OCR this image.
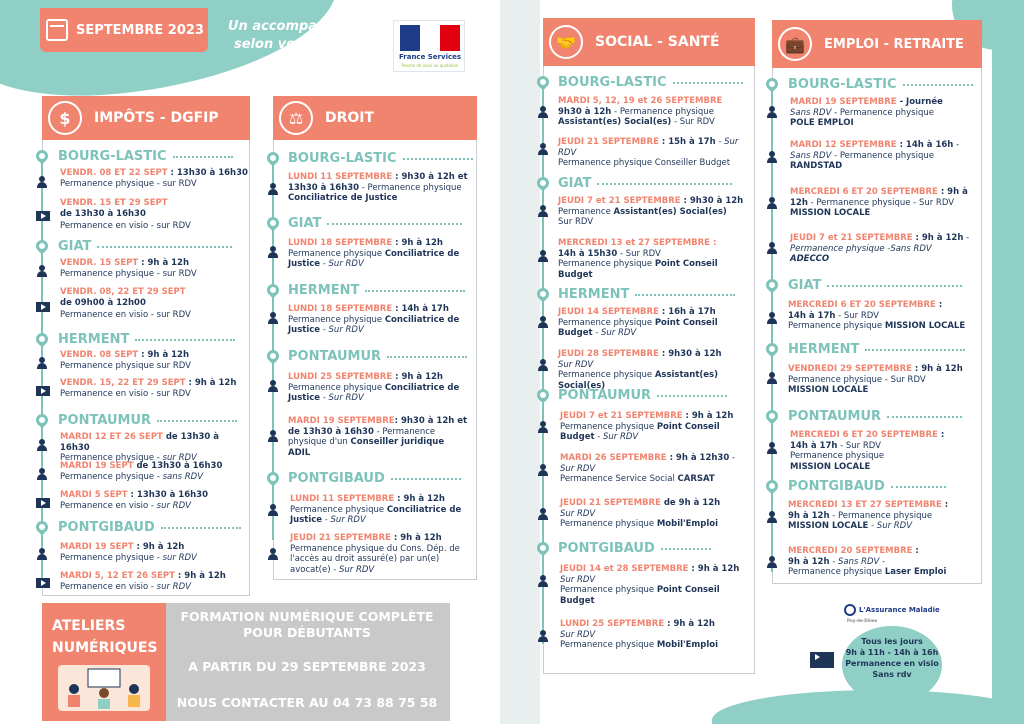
SEPTEMBRE 2023 Un accompagnement
selon vos besoins !
France Services
Proche de vous au quotidien
$	IMPÔTS - DGFIP
BOURG-LASTIC
VENDR. 08 ET 22 SEPT : 13h30 à 16h30
Permanence physique - sur RDV
VENDR. 15 ET 29 SEPT
de 13h30 à 16h30
Permanence en visio - sur RDV
GIAT
VENDR. 15 SEPT : 9h à 12h
Permanence physique - sur RDV
VENDR. 08, 22 ET 29 SEPT
de 09h00 à 12h00
Permanence en visio - sur RDV
HERMENT
VENDR. 08 SEPT : 9h à 12h
Permanence physique sur RDV
VENDR. 15, 22 ET 29 SEPT : 9h à 12h
Permanence en visio - sur RDV
PONTAUMUR
MARDI 12 ET 26 SEPT de 13h30 à 16h30
Permanence physique - sur RDV
MARDI 19 SEPT de 13h30 à 16h30
Permanence physique - sans RDV
MARDI 5 SEPT : 13h30 à 16h30
Permanence en visio - sur RDV
PONTGIBAUD
MARDI 19 SEPT : 9h à 12h
Permanence physique - sur RDV
MARDI 5, 12 ET 26 SEPT : 9h à 12h
Permanence en visio - sur RDV
⚖	DROIT
BOURG-LASTIC
LUNDI 11 SEPTEMBRE : 9h30 à 12h et
13h30 à 16h30 - Permanence physique
Conciliatrice de Justice
GIAT
LUNDI 18 SEPTEMBRE : 9h à 12h
Permanence physique Conciliatrice de
Justice - Sur RDV
HERMENT
LUNDI 18 SEPTEMBRE : 14h à 17h
Permanence physique Conciliatrice de
Justice - Sur RDV
PONTAUMUR
LUNDI 25 SEPTEMBRE : 9h à 12h
Permanence physique Conciliatrice de
Justice - Sur RDV
MARDI 19 SEPTEMBRE: 9h30 à 12h et
de 13h30 à 16h30 - Permanence
physique d'un Conseiller juridique
ADIL
PONTGIBAUD
LUNDI 11 SEPTEMBRE : 9h à 12h
Permanence physique Conciliatrice de
Justice - Sur RDV
JEUDI 21 SEPTEMBRE : 9h à 12h
Permanence physique du Cons. Dép. de
l'accès au droit assuré(e) par un(e)
avocat(e) - Sur RDV
ATELIERS
NUMÉRIQUES
FORMATION NUMÉRIQUE COMPLÈTE
POUR DÉBUTANTS
A PARTIR DU 29 SEPTEMBRE 2023
NOUS CONTACTER AU 04 73 88 75 58
🤝	SOCIAL - SANTÉ
BOURG-LASTIC
MARDI 5, 12, 19 et 26 SEPTEMBRE
9h30 à 12h - Permanence physique
Assistant(es) Social(es) - Sur RDV
JEUDI 21 SEPTEMBRE : 15h à 17h - Sur RDV
Permanence physique Conseiller Budget
GIAT
JEUDI 7 et 21 SEPTEMBRE : 9h30 à 12h
Permanence Assistant(es) Social(es)
Sur RDV
MERCREDI 13 et 27 SEPTEMBRE :
14h à 15h30 - Sur RDV
Permanence physique Point Conseil
Budget
HERMENT
JEUDI 14 SEPTEMBRE : 16h à 17h
Permanence physique Point Conseil
Budget - Sur RDV
JEUDI 28 SEPTEMBRE : 9h30 à 12h
Sur RDV
Permanence physique Assistant(es) Social(es)
PONTAUMUR
JEUDI 7 et 21 SEPTEMBRE : 9h à 12h
Permanence physique Point Conseil
Budget - Sur RDV
MARDI 26 SEPTEMBRE : 9h à 12h30 -
Sur RDV
Permanence Service Social CARSAT
JEUDI 21 SEPTEMBRE de 9h à 12h
Sur RDV
Permanence physique Mobil'Emploi
PONTGIBAUD
JEUDI 14 et 28 SEPTEMBRE : 9h à 12h
Sur RDV
Permanence physique Point Conseil
Budget
LUNDI 25 SEPTEMBRE : 9h à 12h
Sur RDV
Permanence physique Mobil'Emploi
💼	EMPLOI - RETRAITE
BOURG-LASTIC
MARDI 19 SEPTEMBRE - Journée
Sans RDV - Permanence physique
POLE EMPLOI
MARDI 12 SEPTEMBRE : 14h à 16h -
Sans RDV - Permanence physique
RANDSTAD
MERCREDI 6 ET 20 SEPTEMBRE : 9h à
12h - Permanence physique - Sur RDV
MISSION LOCALE
JEUDI 7 et 21 SEPTEMBRE : 9h à 12h -
Permanence physique -Sans RDV
ADECCO
GIAT
MERCREDI 6 ET 20 SEPTEMBRE :
14h à 17h - Sur RDV
Permanence physique MISSION LOCALE
HERMENT
VENDREDI 29 SEPTEMBRE : 9h à 12h
Permanence physique - Sur RDV
MISSION LOCALE
PONTAUMUR
MERCREDI 6 ET 20 SEPTEMBRE :
14h à 17h - Sur RDV
Permanence physique
MISSION LOCALE
PONTGIBAUD
MERCREDI 13 ET 27 SEPTEMBRE :
9h à 12h - Permanence physique
MISSION LOCALE - Sur RDV
MERCREDI 20 SEPTEMBRE :
9h à 12h - Sans RDV -
Permanence physique Laser Emploi
L'Assurance Maladie Puy-de-Dôme
Tous les jours
9h à 11h - 14h à 16h
Permanence en visio
Sans rdv
